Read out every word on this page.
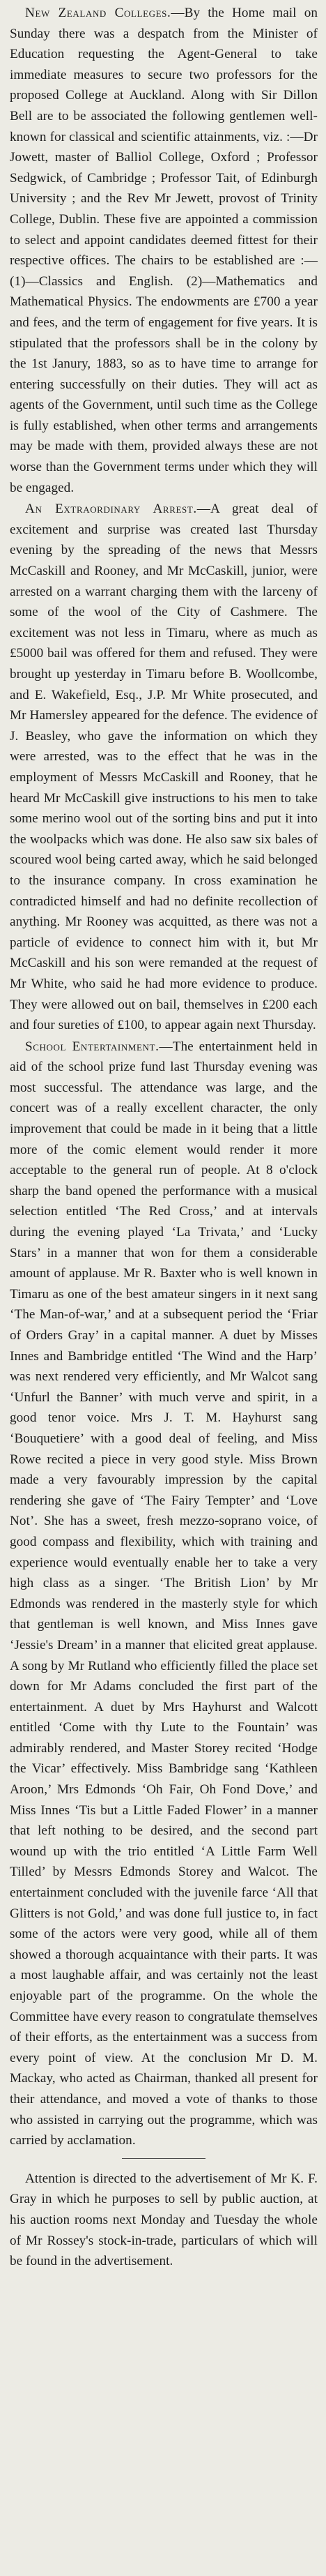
New Zealand Colleges.—By the Home mail on Sunday there was a despatch from the Minister of Education requesting the Agent-General to take immediate measures to secure two professors for the proposed College at Auckland. Along with Sir Dillon Bell are to be associated the following gentlemen well-known for classical and scientific attainments, viz. :—Dr Jowett, master of Balliol College, Oxford ; Professor Sedgwick, of Cambridge ; Professor Tait, of Edinburgh University ; and the Rev Mr Jewett, provost of Trinity College, Dublin. These five are appointed a commission to select and appoint candidates deemed fittest for their respective offices. The chairs to be established are :— (1)—Classics and English. (2)—Mathematics and Mathematical Physics. The endowments are £700 a year and fees, and the term of engagement for five years. It is stipulated that the professors shall be in the colony by the 1st Janury, 1883, so as to have time to arrange for entering successfully on their duties. They will act as agents of the Government, until such time as the College is fully established, when other terms and arrangements may be made with them, provided always these are not worse than the Government terms under which they will be engaged.

An Extraordinary Arrest.—A great deal of excitement and surprise was created last Thursday evening by the spreading of the news that Messrs McCaskill and Rooney, and Mr McCaskill, junior, were arrested on a warrant charging them with the larceny of some of the wool of the City of Cashmere. The excitement was not less in Timaru, where as much as £5000 bail was offered for them and refused. They were brought up yesterday in Timaru before B. Woollcombe, and E. Wakefield, Esq., J.P. Mr White prosecuted, and Mr Hamersley appeared for the defence. The evidence of J. Beasley, who gave the information on which they were arrested, was to the effect that he was in the employment of Messrs McCaskill and Rooney, that he heard Mr McCaskill give instructions to his men to take some merino wool out of the sorting bins and put it into the woolpacks which was done. He also saw six bales of scoured wool being carted away, which he said belonged to the insurance company. In cross examination he contradicted himself and had no definite recollection of anything. Mr Rooney was acquitted, as there was not a particle of evidence to connect him with it, but Mr McCaskill and his son were remanded at the request of Mr White, who said he had more evidence to produce. They were allowed out on bail, themselves in £200 each and four sureties of £100, to appear again next Thursday.

School Entertainment.—The entertainment held in aid of the school prize fund last Thursday evening was most successful. The attendance was large, and the concert was of a really excellent character, the only improvement that could be made in it being that a little more of the comic element would render it more acceptable to the general run of people. At 8 o'clock sharp the band opened the performance with a musical selection entitled ‘The Red Cross,’ and at intervals during the evening played ‘La Trivata,’ and ‘Lucky Stars’ in a manner that won for them a considerable amount of applause. Mr R. Baxter who is well known in Timaru as one of the best amateur singers in it next sang ‘The Man-of-war,’ and at a subsequent period the ‘Friar of Orders Gray’ in a capital manner. A duet by Misses Innes and Bambridge entitled ‘The Wind and the Harp’ was next rendered very efficiently, and Mr Walcot sang ‘Unfurl the Banner’ with much verve and spirit, in a good tenor voice. Mrs J. T. M. Hayhurst sang ‘Bouquetiere’ with a good deal of feeling, and Miss Rowe recited a piece in very good style. Miss Brown made a very favourably impression by the capital rendering she gave of ‘The Fairy Tempter’ and ‘Love Not’. She has a sweet, fresh mezzo-soprano voice, of good compass and flexibility, which with training and experience would eventually enable her to take a very high class as a singer. ‘The British Lion’ by Mr Edmonds was rendered in the masterly style for which that gentleman is well known, and Miss Innes gave ‘Jessie's Dream’ in a manner that elicited great applause. A song by Mr Rutland who efficiently filled the place set down for Mr Adams concluded the first part of the entertainment. A duet by Mrs Hayhurst and Walcott entitled ‘Come with thy Lute to the Fountain’ was admirably rendered, and Master Storey recited ‘Hodge the Vicar’ effectively. Miss Bambridge sang ‘Kathleen Aroon,’ Mrs Edmonds ‘Oh Fair, Oh Fond Dove,’ and Miss Innes ‘Tis but a Little Faded Flower’ in a manner that left nothing to be desired, and the second part wound up with the trio entitled ‘A Little Farm Well Tilled’ by Messrs Edmonds Storey and Walcot. The entertainment concluded with the juvenile farce ‘All that Glitters is not Gold,’ and was done full justice to, in fact some of the actors were very good, while all of them showed a thorough acquaintance with their parts. It was a most laughable affair, and was certainly not the least enjoyable part of the programme. On the whole the Committee have every reason to congratulate themselves of their efforts, as the entertainment was a success from every point of view. At the conclusion Mr D. M. Mackay, who acted as Chairman, thanked all present for their attendance, and moved a vote of thanks to those who assisted in carrying out the programme, which was carried by acclamation.

Attention is directed to the advertisement of Mr K. F. Gray in which he purposes to sell by public auction, at his auction rooms next Monday and Tuesday the whole of Mr Rossey's stock-in-trade, particulars of which will be found in the advertisement.
